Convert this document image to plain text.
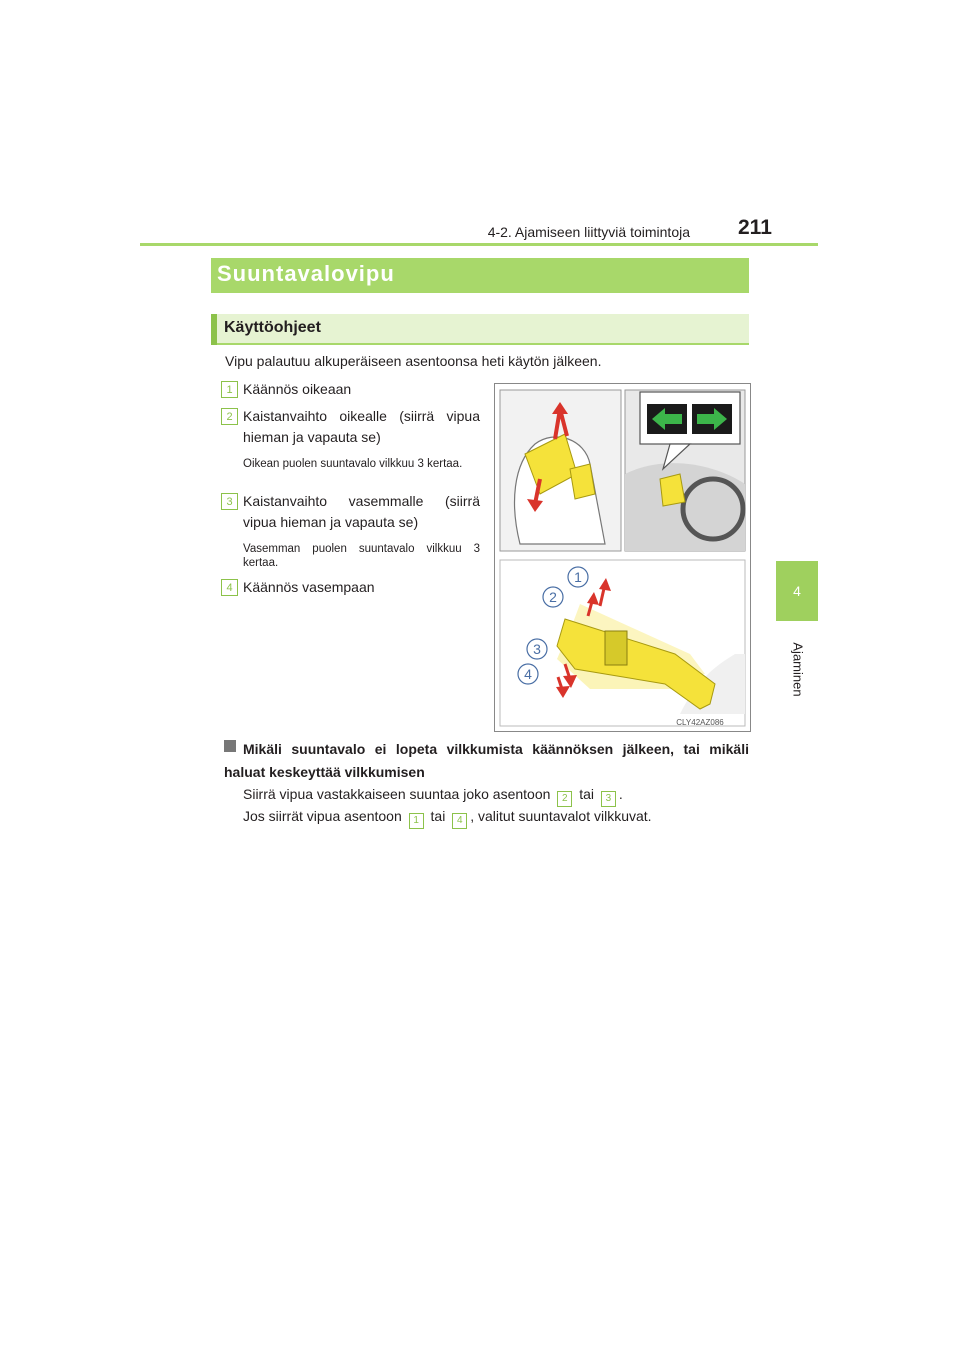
4-2. Ajamiseen liittyviä toimintoja 211
4
Ajaminen
Suuntavalovipu
Käyttöohjeet
Vipu palautuu alkuperäiseen asentoonsa heti käytön jälkeen.
1 Käännös oikeaan
2 Kaistanvaihto oikealle (siirrä vipua hieman ja vapauta se)
Oikean puolen suuntavalo vilkkuu 3 kertaa.
3 Kaistanvaihto vasemmalle (siirrä vipua hieman ja vapauta se)
Vasemman puolen suuntavalo vilkkuu 3 kertaa.
4 Käännös vasempaan
1
2
3
4
CLY42AZ086
Mikäli suuntavalo ei lopeta vilkkumista käännöksen jälkeen, tai mikäli haluat keskeyttää vilkkumisen
Siirrä vipua vastakkaiseen suuntaa joko asentoon 2 tai 3 .
Jos siirrät vipua asentoon 1 tai 4 , valitut suuntavalot vilkkuvat.
